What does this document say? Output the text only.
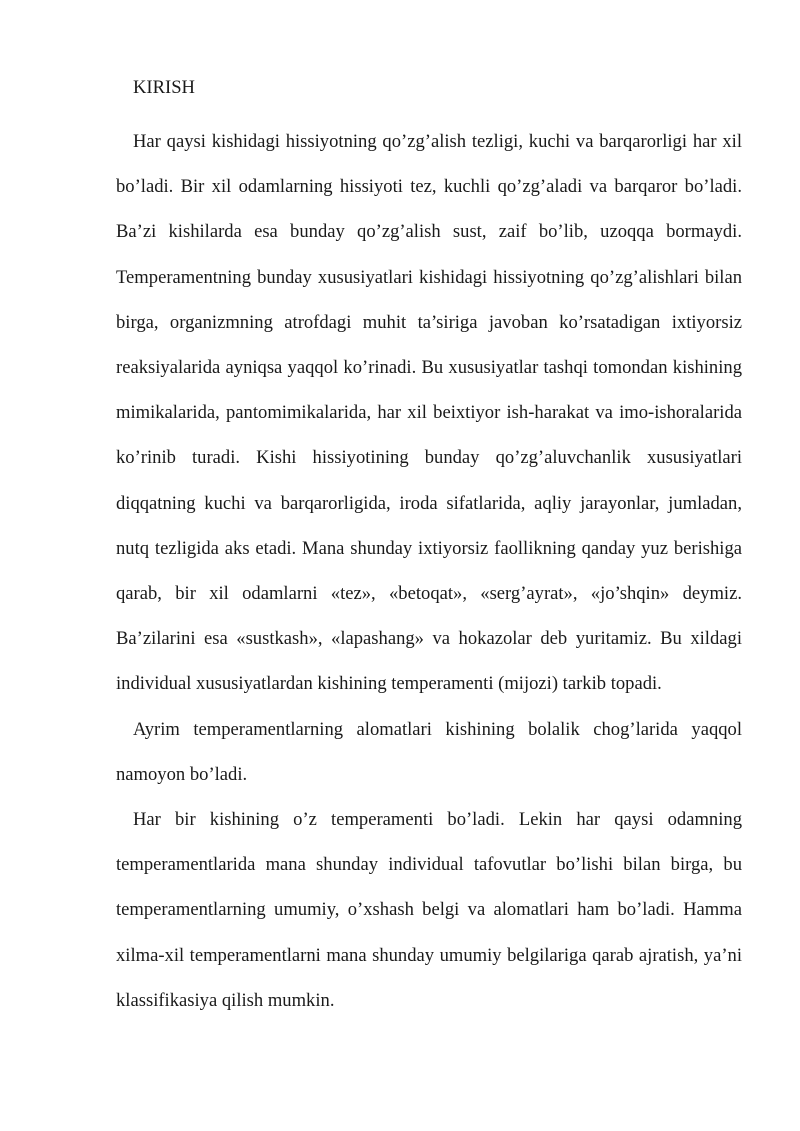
KIRISH

Har qaysi kishidagi hissiyotning qo’zg’alish tezligi, kuchi va barqarorligi har xil bo’ladi. Bir xil odamlarning hissiyoti tez, kuchli qo’zg’aladi va barqaror bo’ladi. Ba’zi kishilarda esa bunday qo’zg’alish sust, zaif bo’lib, uzoqqa bormaydi. Temperamentning bunday xususiyatlari kishidagi hissiyotning qo’zg’alishlari bilan birga, organizmning atrofdagi muhit ta’siriga javoban ko’rsatadigan ixtiyorsiz reaksiyalarida ayniqsa yaqqol ko’rinadi. Bu xususiyatlar tashqi tomondan kishining mimikalarida, pantomimikalarida, har xil beixtiyor ish-harakat va imo-ishoralarida ko’rinib turadi. Kishi hissiyotining bunday qo’zg’aluvchanlik xususiyatlari diqqatning kuchi va barqarorligida, iroda sifatlarida, aqliy jarayonlar, jumladan, nutq tezligida aks etadi. Mana shunday ixtiyorsiz faollikning qanday yuz berishiga qarab, bir xil odamlarni «tez», «betoqat», «serg’ayrat», «jo’shqin» deymiz. Ba’zilarini esa «sustkash», «lapashang» va hokazolar deb yuritamiz. Bu xildagi individual xususiyatlardan kishining temperamenti (mijozi) tarkib topadi.

Ayrim temperamentlarning alomatlari kishining bolalik chog’larida yaqqol namoyon bo’ladi.

Har bir kishining o’z temperamenti bo’ladi. Lekin har qaysi odamning temperamentlarida mana shunday individual tafovutlar bo’lishi bilan birga, bu temperamentlarning umumiy, o’xshash belgi va alomatlari ham bo’ladi. Hamma xilma-xil temperamentlarni mana shunday umumiy belgilariga qarab ajratish, ya’ni klassifikasiya qilish mumkin.
